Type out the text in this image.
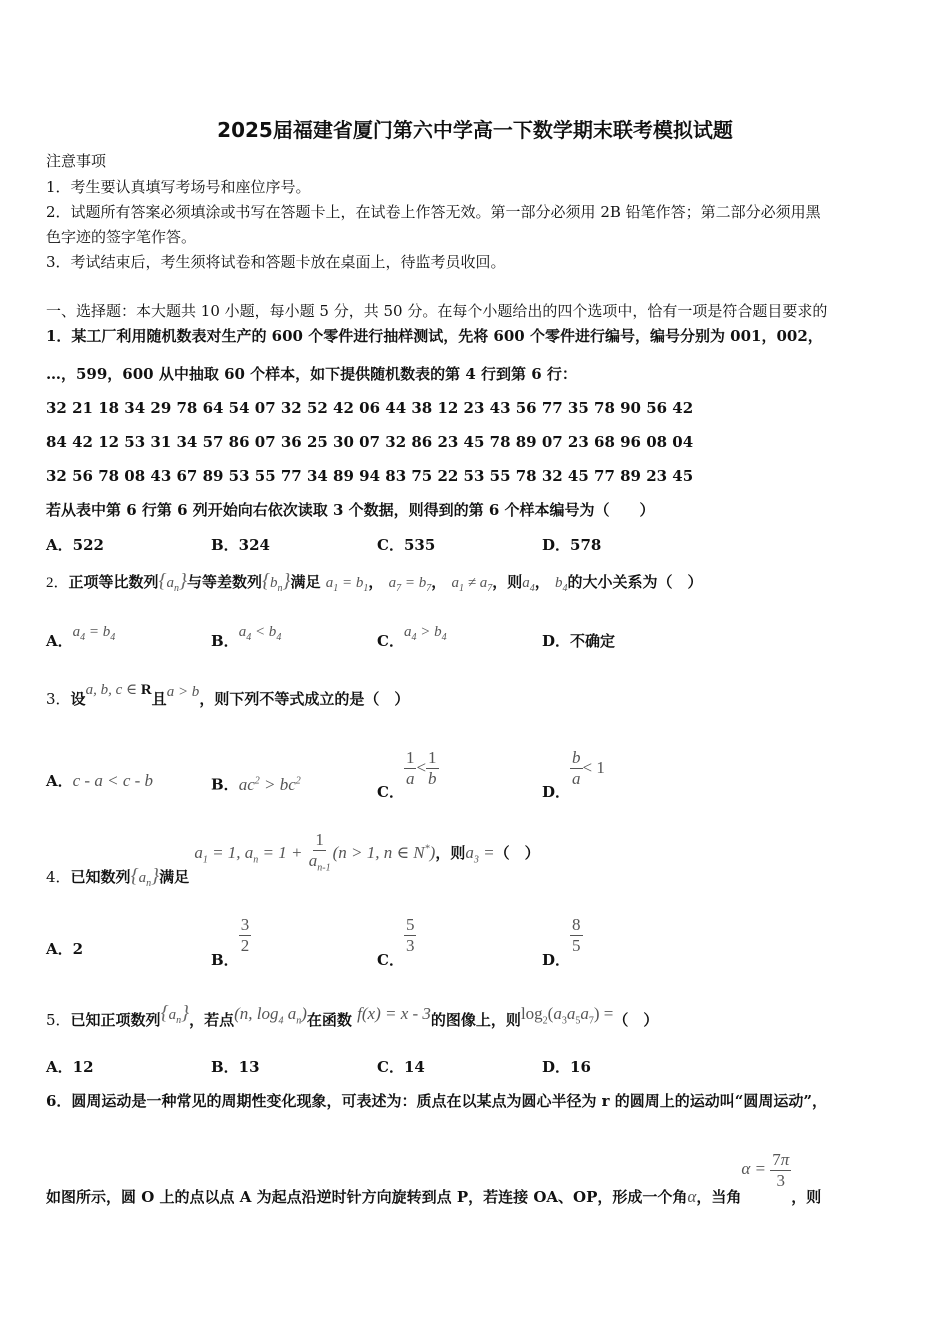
2025届福建省厦门第六中学高一下数学期末联考模拟试题
注意事项
1．考生要认真填写考场号和座位序号。
2．试题所有答案必须填涂或书写在答题卡上，在试卷上作答无效。第一部分必须用 2B 铅笔作答；第二部分必须用黑
色字迹的签字笔作答。
3．考试结束后，考生须将试卷和答题卡放在桌面上，待监考员收回。
一、选择题：本大题共 10 小题，每小题 5 分，共 50 分。在每个小题给出的四个选项中，恰有一项是符合题目要求的
1．某工厂利用随机数表对生产的 600 个零件进行抽样测试，先将 600 个零件进行编号，编号分别为 001，002，
…，599，600 从中抽取 60 个样本，如下提供随机数表的第 4 行到第 6 行：
32 21 18 34 29 78 64 54 07 32 52 42 06 44 38 12 23 43 56 77 35 78 90 56 42
84 42 12 53 31 34 57 86 07 36 25 30 07 32 86 23 45 78 89 07 23 68 96 08 04
32 56 78 08 43 67 89 53 55 77 34 89 94 83 75 22 53 55 78 32 45 77 89 23 45
若从表中第 6 行第 6 列开始向右依次读取 3 个数据，则得到的第 6 个样本编号为（　　）
A．522	B．324	C．535	D．578
2．正项等比数列$\{a_n\}$与等差数列$\{b_n\}$满足 $a_1 = b_1$， $a_7 = b_7$， $a_1 \ne a_7$，则$a_4$， $b_4$的大小关系为（　）
A．$a_4 = b_4$	B．$a_4 < b_4$	C．$a_4 > b_4$	D．不确定
3．设a, b, c ∈ R且a > b，则下列不等式成立的是（　）
A．c - a < c - b	B．$ac^2 > bc^2$
C．
$\frac{1}{a} < \frac{1}{b}$
D．
$\frac{b}{a} < 1$
4．已知数列$\{a_n\}$满足 $a_1 = 1$, $a_n = 1 + \frac{1}{a_{n-1}} (n > 1$, n ∈ N*)，则$a_3$ =（　）
A．2
B．
$\frac{3}{2}$
C．
$\frac{5}{3}$
D．
$\frac{8}{5}$
5．已知正项数列$\{a_n\}$，若点(n, $\log_4 a_n$)在函数 f(x) = x - 3的图像上，则$\log_2(a_3a_5a_7)$ =（　）
A．12	B．13	C．14	D．16
6．圆周运动是一种常见的周期性变化现象，可表述为：质点在以某点为圆心半径为 r 的圆周上的运动叫“圆周运动”，
如图所示，圆 O 上的点以点 A 为起点沿逆时针方向旋转到点 P，若连接 OA、OP，形成一个角α，当角$\alpha = \frac{7\pi}{3}$
，则
